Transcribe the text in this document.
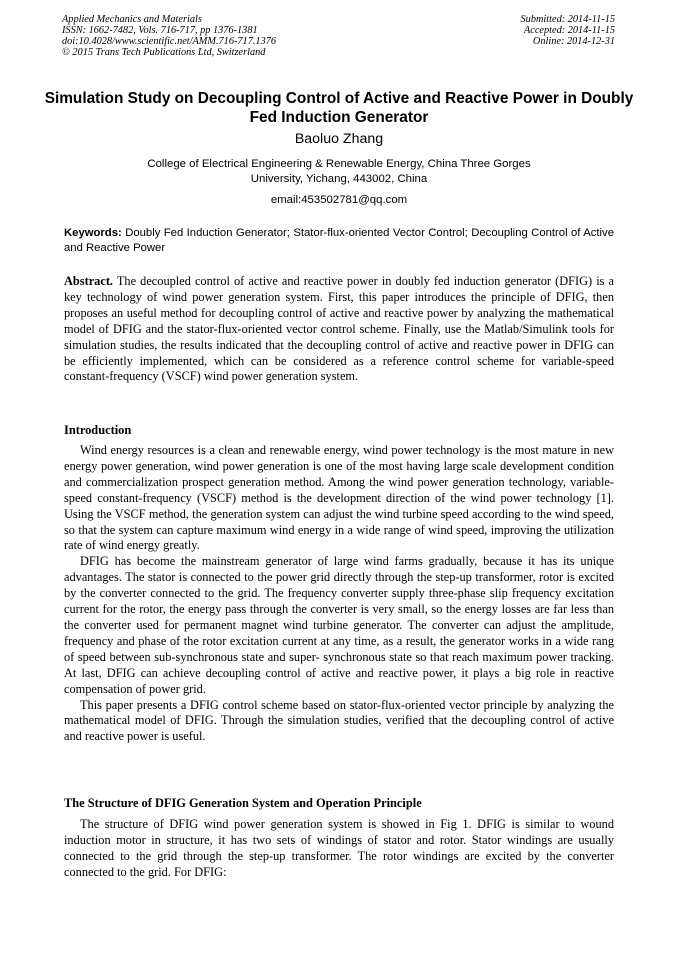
Applied Mechanics and Materials
ISSN: 1662-7482, Vols. 716-717, pp 1376-1381
doi:10.4028/www.scientific.net/AMM.716-717.1376
© 2015 Trans Tech Publications Ltd, Switzerland
Submitted: 2014-11-15
Accepted: 2014-11-15
Online: 2014-12-31
Simulation Study on Decoupling Control of Active and Reactive Power in Doubly Fed Induction Generator
Baoluo Zhang
College of Electrical Engineering & Renewable Energy, China Three Gorges
University, Yichang, 443002, China
email:453502781@qq.com
Keywords: Doubly Fed Induction Generator; Stator-flux-oriented Vector Control; Decoupling Control of Active and Reactive Power
Abstract. The decoupled control of active and reactive power in doubly fed induction generator (DFIG) is a key technology of wind power generation system. First, this paper introduces the principle of DFIG, then proposes an useful method for decoupling control of active and reactive power by analyzing the mathematical model of DFIG and the stator-flux-oriented vector control scheme. Finally, use the Matlab/Simulink tools for simulation studies, the results indicated that the decoupling control of active and reactive power in DFIG can be efficiently implemented, which can be considered as a reference control scheme for variable-speed constant-frequency (VSCF) wind power generation system.
Introduction

Wind energy resources is a clean and renewable energy, wind power technology is the most mature in new energy power generation, wind power generation is one of the most having large scale development condition and commercialization prospect generation method. Among the wind power generation technology, variable-speed constant-frequency (VSCF) method is the development direction of the wind power technology [1]. Using the VSCF method, the generation system can adjust the wind turbine speed according to the wind speed, so that the system can capture maximum wind energy in a wide range of wind speed, improving the utilization rate of wind energy greatly.

DFIG has become the mainstream generator of large wind farms gradually, because it has its unique advantages. The stator is connected to the power grid directly through the step-up transformer, rotor is excited by the converter connected to the grid. The frequency converter supply three-phase slip frequency excitation current for the rotor, the energy pass through the converter is very small, so the energy losses are far less than the converter used for permanent magnet wind turbine generator. The converter can adjust the amplitude, frequency and phase of the rotor excitation current at any time, as a result, the generator works in a wide rang of speed between sub-synchronous state and super- synchronous state so that reach maximum power tracking. At last, DFIG can achieve decoupling control of active and reactive power, it plays a big role in reactive compensation of power grid.

This paper presents a DFIG control scheme based on stator-flux-oriented vector principle by analyzing the mathematical model of DFIG. Through the simulation studies, verified that the decoupling control of active and reactive power is useful.

The Structure of DFIG Generation System and Operation Principle

The structure of DFIG wind power generation system is showed in Fig 1. DFIG is similar to wound induction motor in structure, it has two sets of windings of stator and rotor. Stator windings are usually connected to the grid through the step-up transformer. The rotor windings are excited by the converter connected to the grid. For DFIG:
